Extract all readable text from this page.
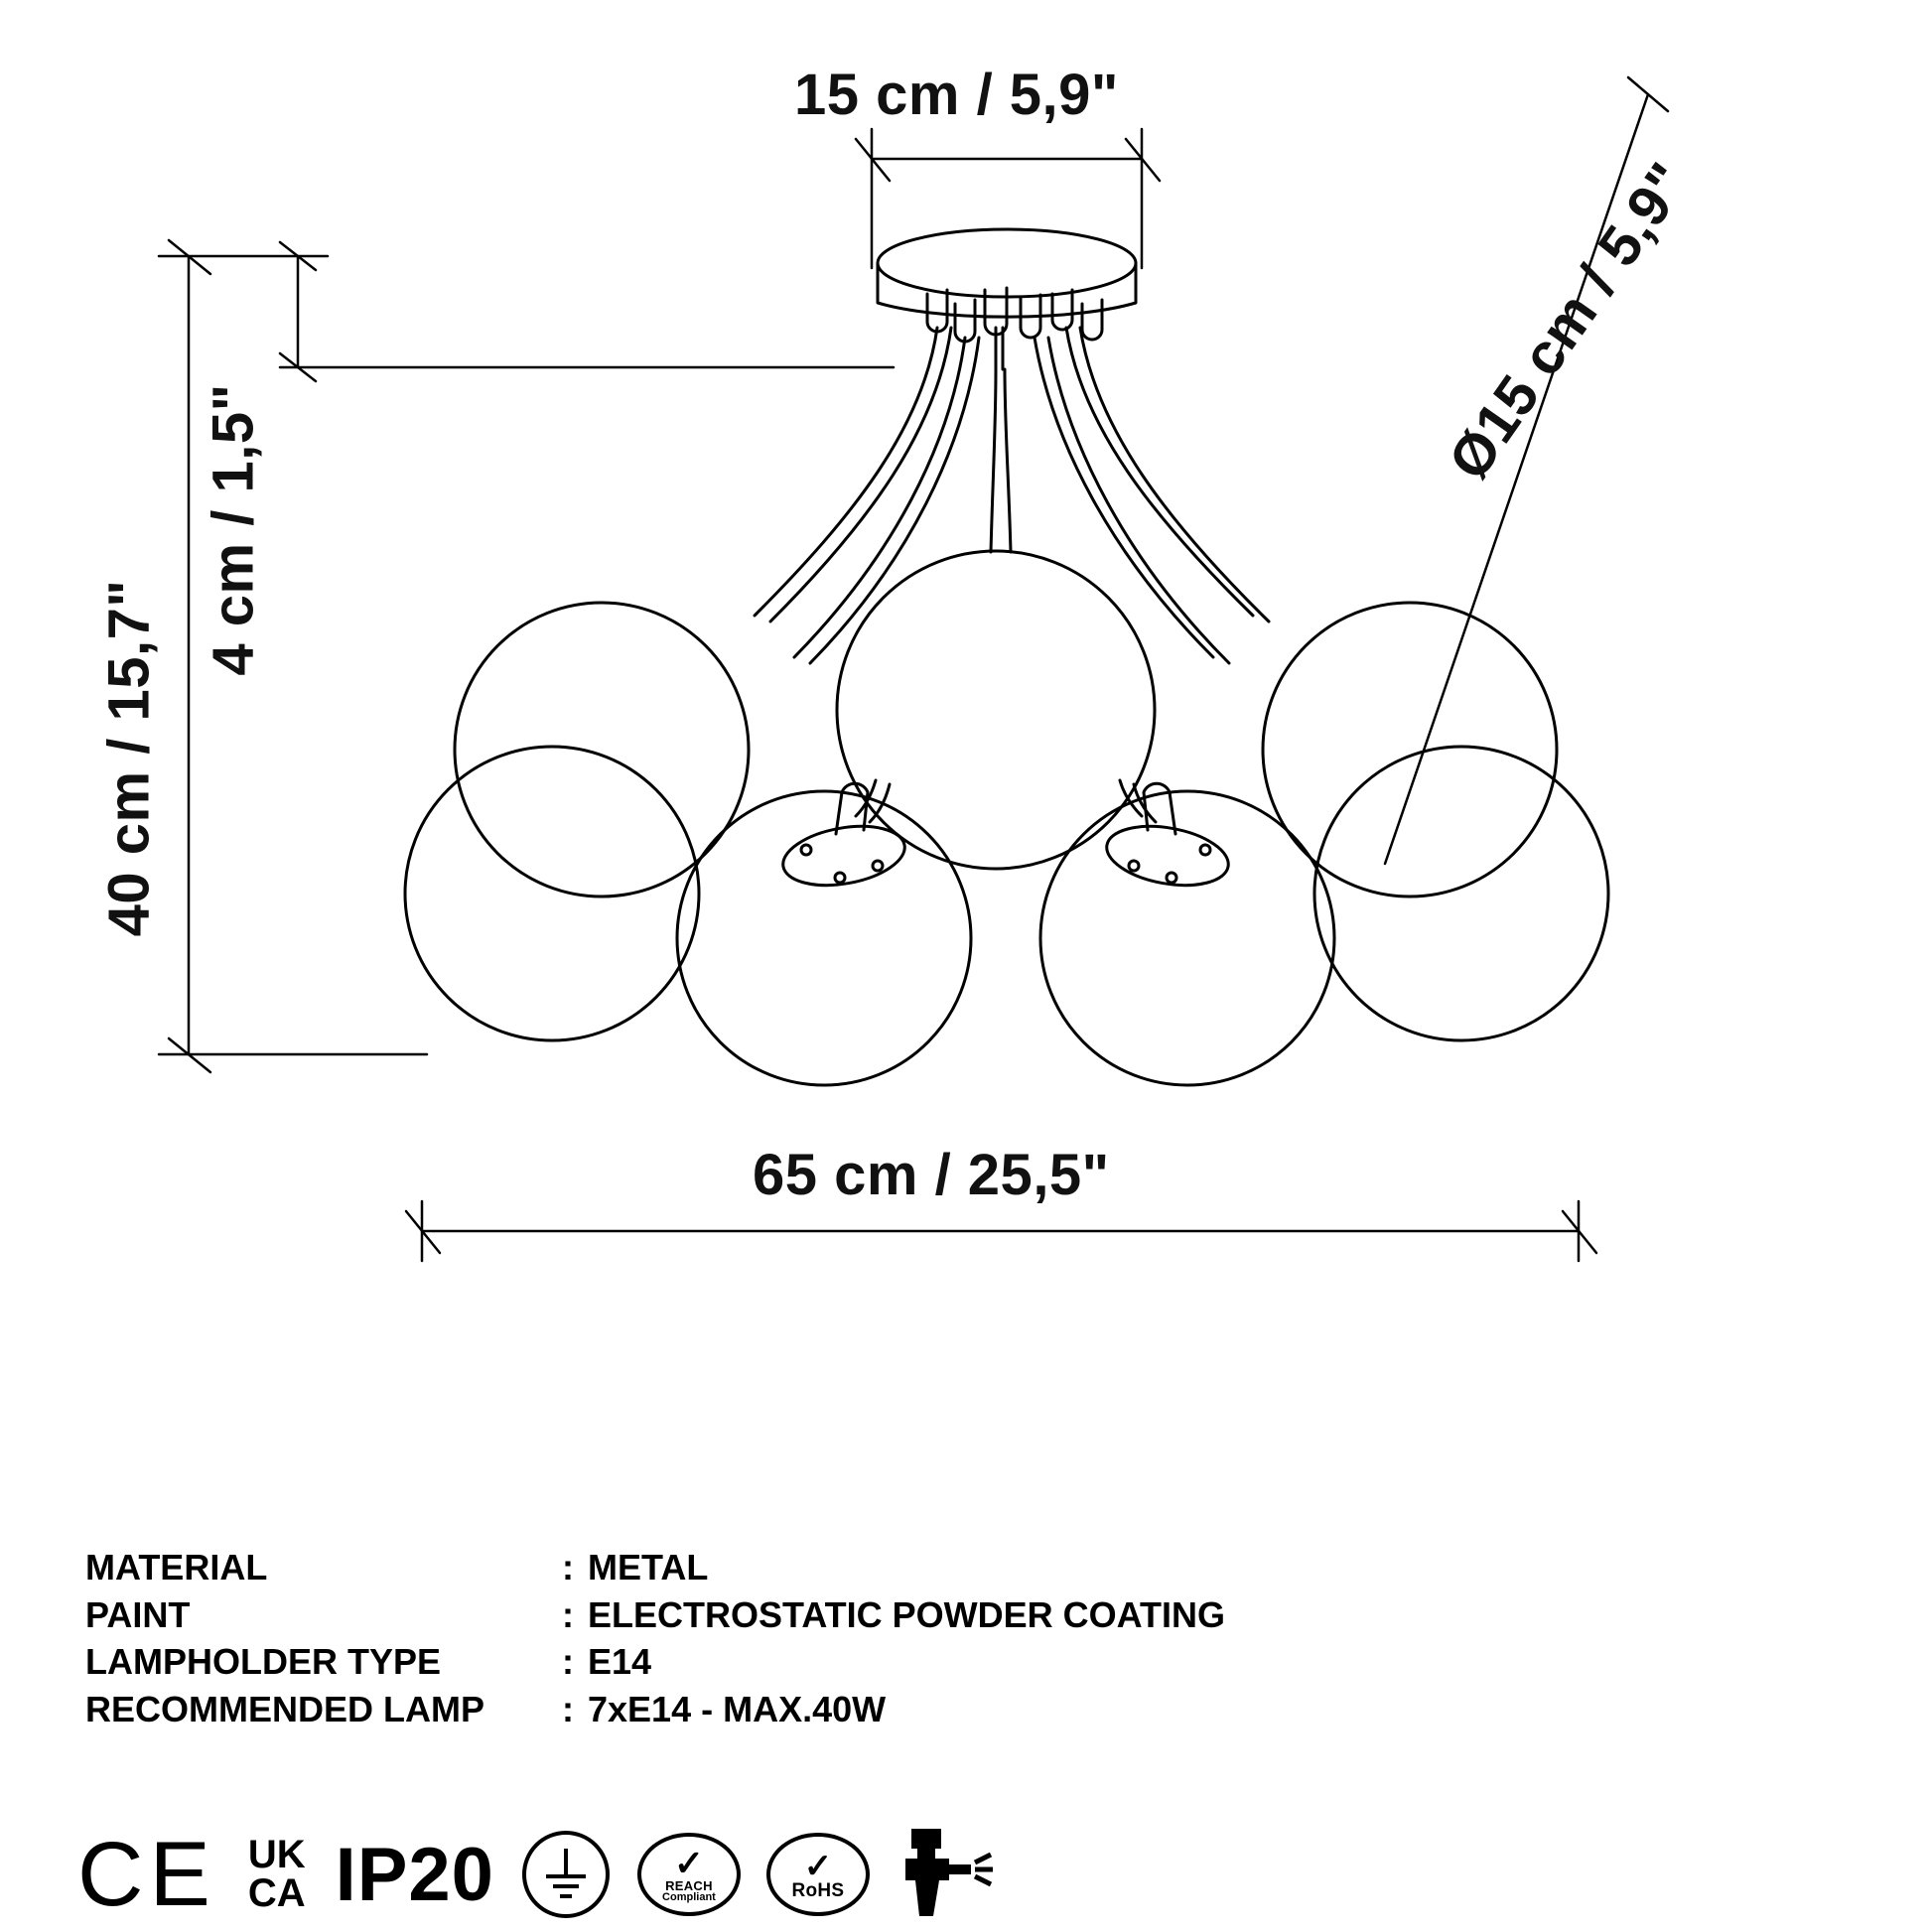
15 cm / 5,9"
65 cm / 25,5"
40 cm / 15,7"
4 cm / 1,5"
Ø15 cm / 5,9"
MATERIAL	: METAL
PAINT	: ELECTROSTATIC POWDER COATING
LAMPHOLDER TYPE	: E14
RECOMMENDED LAMP	: 7xE14 - MAX.40W
CE UK
CA IP20	✓
REACH
Compliant
✓
RoHS
